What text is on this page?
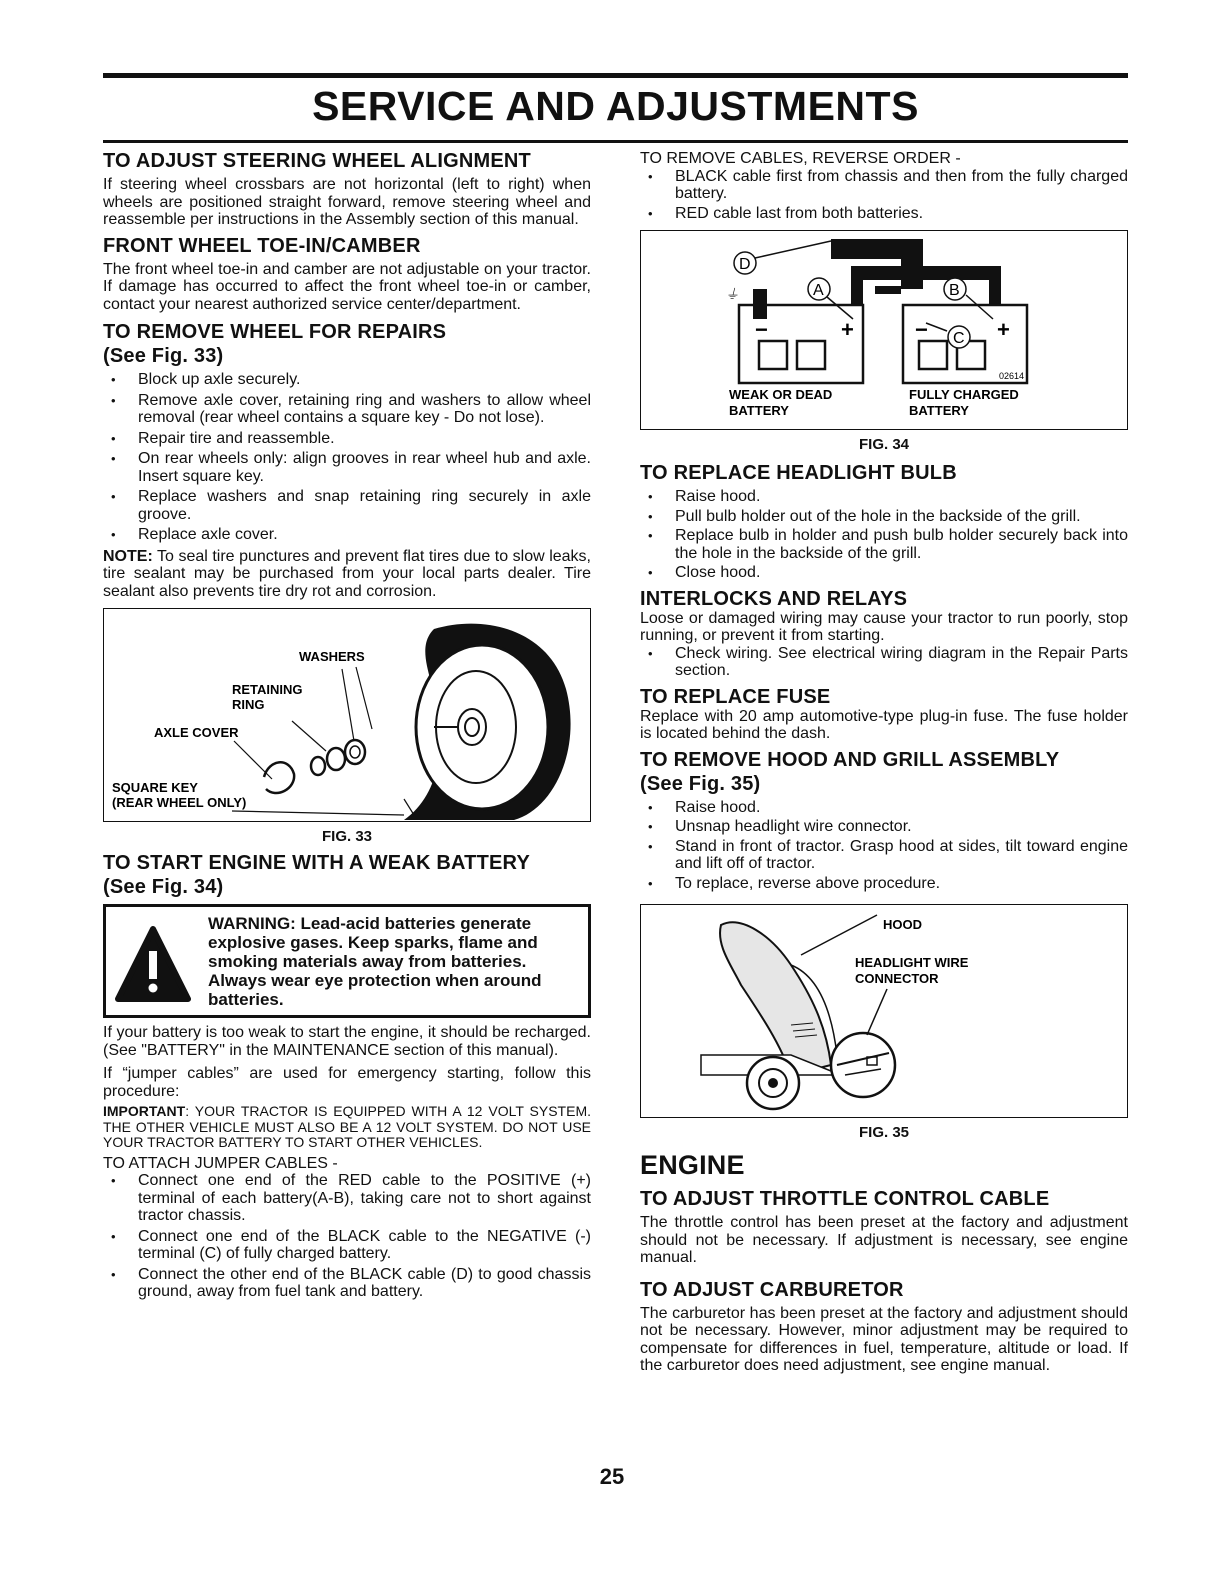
SERVICE AND ADJUSTMENTS
TO ADJUST STEERING WHEEL ALIGNMENT

If steering wheel crossbars are not horizontal (left to right) when wheels are positioned straight forward, remove steering wheel and reassemble per instructions in the Assembly section of this manual.

FRONT WHEEL TOE-IN/CAMBER

The front wheel toe-in and camber are not adjustable on your tractor. If damage has occurred to affect the front wheel toe-in or camber, contact your nearest authorized service center/department.

TO REMOVE WHEEL FOR REPAIRS
(See Fig. 33)
• Block up axle securely.
• Remove axle cover, retaining ring and washers to allow wheel removal (rear wheel contains a square key - Do not lose).
• Repair tire and reassemble.
• On rear wheels only: align grooves in rear wheel hub and axle. Insert square key.
• Replace washers and snap retaining ring securely in axle groove.
• Replace axle cover.

NOTE: To seal tire punctures and prevent flat tires due to slow leaks, tire sealant may be purchased from your local parts dealer. Tire sealant also prevents tire dry rot and corrosion.

WASHERS
RETAINING
RING
AXLE COVER
SQUARE KEY
(REAR WHEEL ONLY)
FIG. 33
TO START ENGINE WITH A WEAK BATTERY
(See Fig. 34)
WARNING: Lead-acid batteries generate explosive gases. Keep sparks, flame and smoking materials away from batteries. Always wear eye protection when around batteries.

If your battery is too weak to start the engine, it should be recharged. (See "BATTERY" in the MAINTENANCE section of this manual).

If “jumper cables” are used for emergency starting, follow this procedure:

IMPORTANT: YOUR TRACTOR IS EQUIPPED WITH A 12 VOLT SYSTEM. THE OTHER VEHICLE MUST ALSO BE A 12 VOLT SYSTEM. DO NOT USE YOUR TRACTOR BATTERY TO START OTHER VEHICLES.

TO ATTACH JUMPER CABLES -

• Connect one end of the RED cable to the POSITIVE (+) terminal of each battery(A-B), taking care not to short against tractor chassis.
• Connect one end of the BLACK cable to the NEGATIVE (-) terminal (C) of fully charged battery.
• Connect the other end of the BLACK cable (D) to good chassis ground, away from fuel tank and battery.

TO REMOVE CABLES, REVERSE ORDER -

• BLACK cable first from chassis and then from the fully charged battery.
• RED cable last from both batteries.
−	+	−	+
D
A	B
C
⏚
02614
WEAK OR DEAD
BATTERY
FULLY CHARGED
BATTERY
FIG. 34
TO REPLACE HEADLIGHT BULB
• Raise hood.
• Pull bulb holder out of the hole in the backside of the grill.
• Replace bulb in holder and push bulb holder securely back into the hole in the backside of the grill.
• Close hood.
INTERLOCKS AND RELAYS

Loose or damaged wiring may cause your tractor to run poorly, stop running, or prevent it from starting.

• Check wiring. See electrical wiring diagram in the Repair Parts section.
TO REPLACE FUSE

Replace with 20 amp automotive-type plug-in fuse. The fuse holder is located behind the dash.

TO REMOVE HOOD AND GRILL ASSEMBLY
(See Fig. 35)
• Raise hood.
• Unsnap headlight wire connector.
• Stand in front of tractor. Grasp hood at sides, tilt toward engine and lift off of tractor.
• To replace, reverse above procedure.
HOOD
HEADLIGHT WIRE
CONNECTOR
FIG. 35
ENGINE
TO ADJUST THROTTLE CONTROL CABLE

The throttle control has been preset at the factory and adjustment should not be necessary. If adjustment is necessary, see engine manual.

TO ADJUST CARBURETOR

The carburetor has been preset at the factory and adjustment should not be necessary. However, minor adjustment may be required to compensate for differences in fuel, temperature, altitude or load. If the carburetor does need adjustment, see engine manual.

25
